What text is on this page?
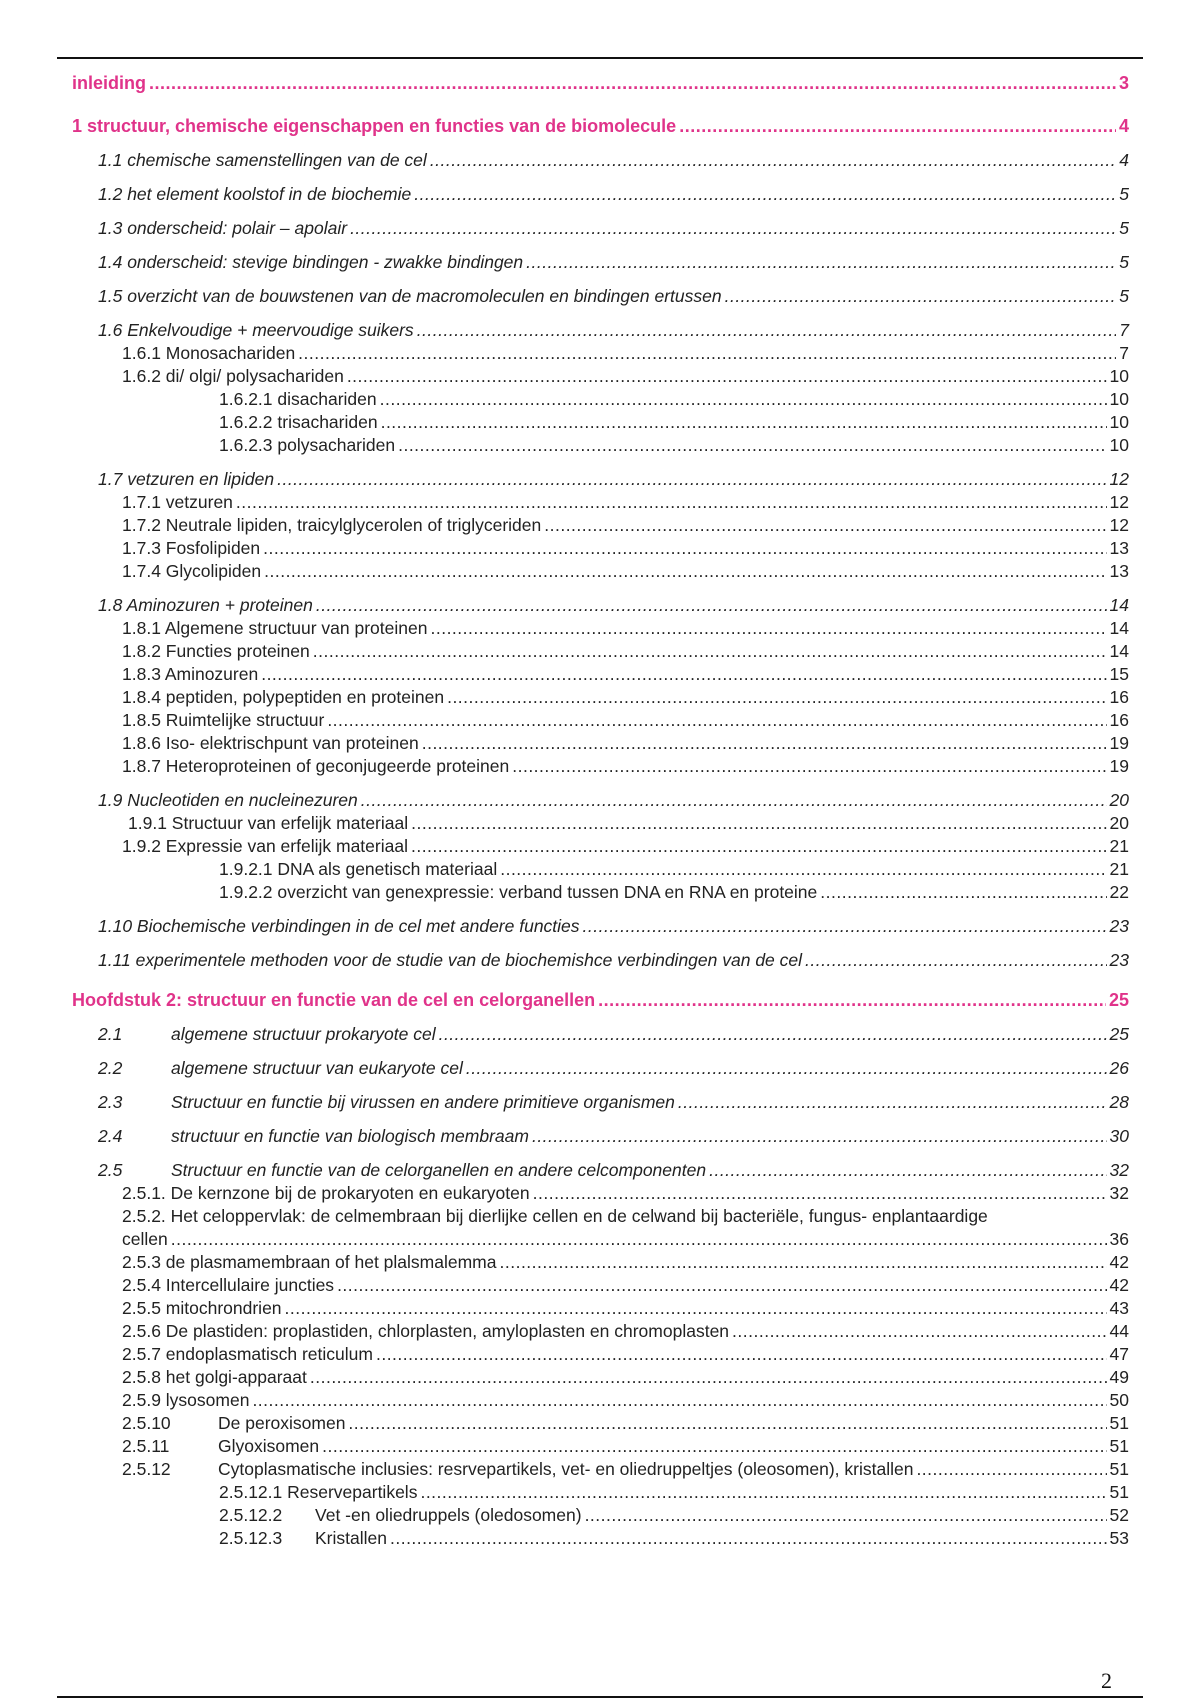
inleiding .....	3
1 structuur, chemische eigenschappen en functies van de biomolecule .....	4
1.1 chemische samenstellingen van de cel .....	4
1.2 het element koolstof in de biochemie .....	5
1.3 onderscheid: polair – apolair .....	5
1.4 onderscheid: stevige bindingen - zwakke bindingen .....	5
1.5 overzicht van de bouwstenen van de macromoleculen en bindingen ertussen .....	5
1.6 Enkelvoudige + meervoudige suikers .....	7
1.6.1 Monosachariden .....	7
1.6.2 di/ olgi/ polysachariden .....	10
1.6.2.1 disachariden .....	10
1.6.2.2 trisachariden .....	10
1.6.2.3 polysachariden .....	10
1.7 vetzuren en lipiden .....	12
1.7.1 vetzuren .....	12
1.7.2 Neutrale lipiden, traicylglycerolen of triglyceriden .....	12
1.7.3 Fosfolipiden .....	13
1.7.4 Glycolipiden .....	13
1.8 Aminozuren + proteinen .....	14
1.8.1 Algemene structuur van proteinen .....	14
1.8.2 Functies proteinen .....	14
1.8.3 Aminozuren .....	15
1.8.4 peptiden, polypeptiden en proteinen .....	16
1.8.5 Ruimtelijke structuur .....	16
1.8.6 Iso- elektrischpunt van proteinen .....	19
1.8.7 Heteroproteinen of geconjugeerde proteinen .....	19
1.9 Nucleotiden en nucleinezuren .....	20
1.9.1 Structuur van erfelijk materiaal .....	20
1.9.2 Expressie van erfelijk materiaal .....	21
1.9.2.1 DNA als genetisch materiaal .....	21
1.9.2.2 overzicht van genexpressie: verband tussen DNA en RNA en proteine .....	22
1.10 Biochemische verbindingen in de cel met andere functies .....	23
1.11 experimentele methoden voor de studie van de biochemishce verbindingen van de cel .....	23
Hoofdstuk 2: structuur en functie van de cel en celorganellen .....	25
2.1	algemene structuur prokaryote cel .....	25
2.2	algemene structuur van eukaryote cel .....	26
2.3	Structuur en functie bij virussen en andere primitieve organismen .....	28
2.4	structuur en functie van biologisch membraam .....	30
2.5	Structuur en functie van de celorganellen en andere celcomponenten .....	32
2.5.1. De kernzone bij de prokaryoten en eukaryoten .....	32
2.5.2. Het celoppervlak: de celmembraan bij dierlijke cellen en de celwand bij bacteriële, fungus- enplantaardige
cellen .....	36
2.5.3 de plasmamembraan of het plalsmalemma .....	42
2.5.4 Intercellulaire juncties .....	42
2.5.5 mitochrondrien .....	43
2.5.6 De plastiden: proplastiden, chlorplasten, amyloplasten en chromoplasten .....	44
2.5.7 endoplasmatisch reticulum .....	47
2.5.8 het golgi-apparaat .....	49
2.5.9 lysosomen .....	50
2.5.10	De peroxisomen .....	51
2.5.11	Glyoxisomen .....	51
2.5.12	Cytoplasmatische inclusies: resrvepartikels, vet- en oliedruppeltjes (oleosomen), kristallen .....	51
2.5.12.1 Reservepartikels .....	51
2.5.12.2 Vet -en oliedruppels (oledosomen) .....	52
2.5.12.3 Kristallen .....	53
2
